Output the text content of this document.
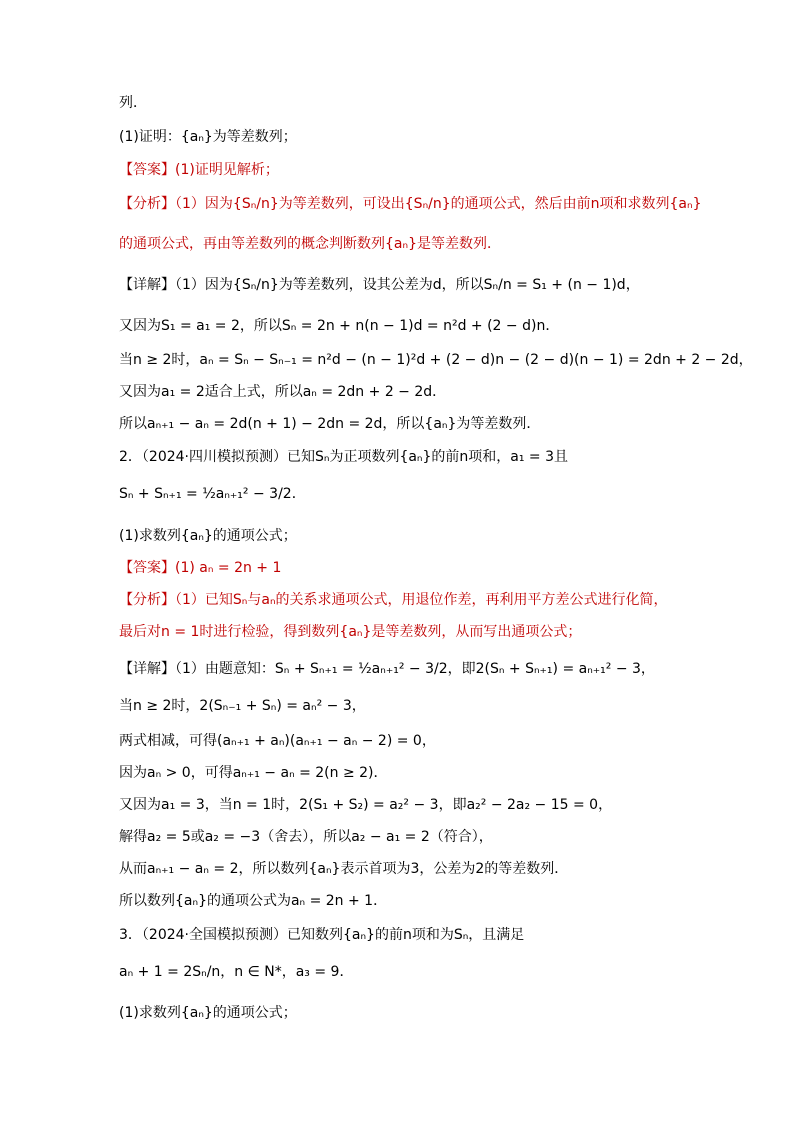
列．
(1)证明：{aₙ}为等差数列；
【答案】(1)证明见解析；
【分析】（1）因为{Sₙ/n}为等差数列，可设出{Sₙ/n}的通项公式，然后由前n项和求数列{aₙ}
的通项公式，再由等差数列的概念判断数列{aₙ}是等差数列．
【详解】（1）因为{Sₙ/n}为等差数列，设其公差为d，所以Sₙ/n = S₁ + (n − 1)d，
又因为S₁ = a₁ = 2，所以Sₙ = 2n + n(n − 1)d = n²d + (2 − d)n．
当n ≥ 2时，aₙ = Sₙ − Sₙ₋₁ = n²d − (n − 1)²d + (2 − d)n − (2 − d)(n − 1) = 2dn + 2 − 2d，
又因为a₁ = 2适合上式，所以aₙ = 2dn + 2 − 2d．
所以aₙ₊₁ − aₙ = 2d(n + 1) − 2dn = 2d，所以{aₙ}为等差数列．
2．（2024·四川模拟预测）已知Sₙ为正项数列{aₙ}的前n项和，a₁ = 3且
Sₙ + Sₙ₊₁ = ½aₙ₊₁² − 3/2．
(1)求数列{aₙ}的通项公式；
【答案】(1) aₙ = 2n + 1
【分析】（1）已知Sₙ与aₙ的关系求通项公式，用退位作差，再利用平方差公式进行化简，
最后对n = 1时进行检验，得到数列{aₙ}是等差数列，从而写出通项公式；
【详解】（1）由题意知：Sₙ + Sₙ₊₁ = ½aₙ₊₁² − 3/2，即2(Sₙ + Sₙ₊₁) = aₙ₊₁² − 3，
当n ≥ 2时，2(Sₙ₋₁ + Sₙ) = aₙ² − 3，
两式相减，可得(aₙ₊₁ + aₙ)(aₙ₊₁ − aₙ − 2) = 0，
因为aₙ > 0，可得aₙ₊₁ − aₙ = 2(n ≥ 2)．
又因为a₁ = 3，当n = 1时，2(S₁ + S₂) = a₂² − 3，即a₂² − 2a₂ − 15 = 0，
解得a₂ = 5或a₂ = −3（舍去），所以a₂ − a₁ = 2（符合），
从而aₙ₊₁ − aₙ = 2，所以数列{aₙ}表示首项为3，公差为2的等差数列．
所以数列{aₙ}的通项公式为aₙ = 2n + 1．
3．（2024·全国模拟预测）已知数列{aₙ}的前n项和为Sₙ，且满足
aₙ + 1 = 2Sₙ/n，n ∈ N*，a₃ = 9．
(1)求数列{aₙ}的通项公式；
